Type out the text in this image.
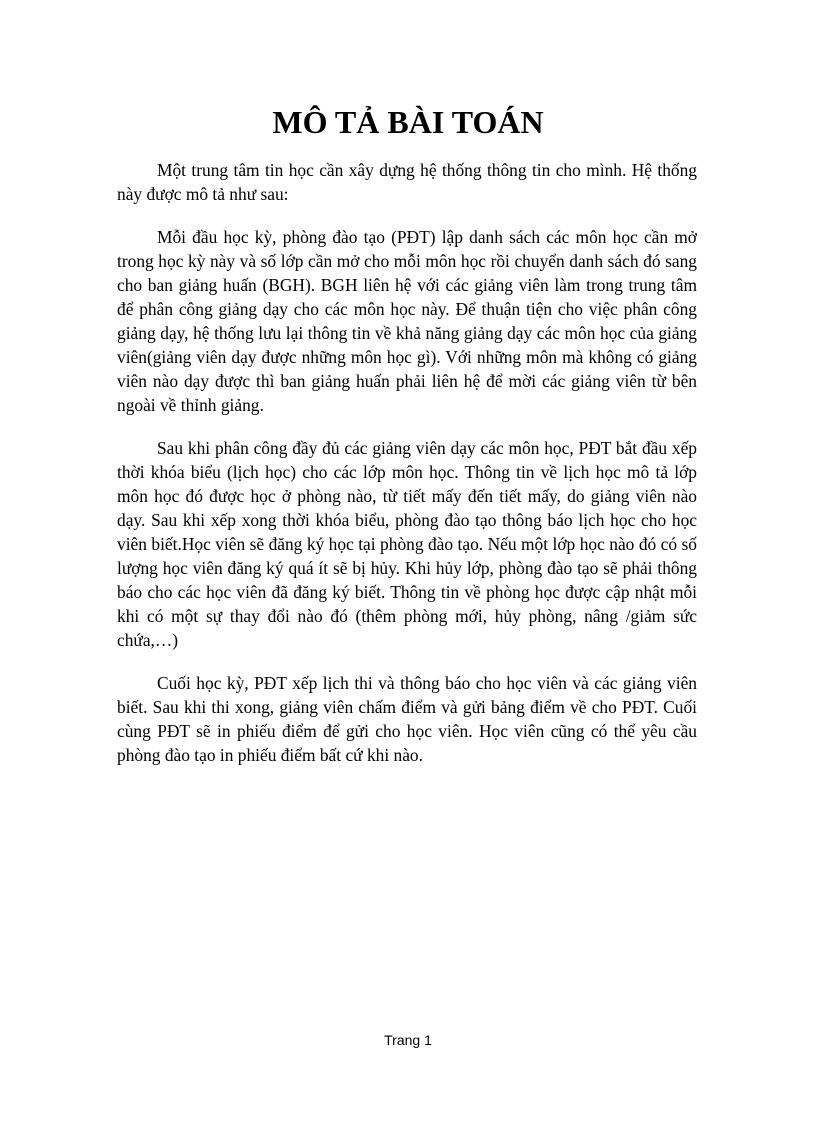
MÔ TẢ BÀI TOÁN

Một trung tâm tin học cần xây dựng hệ thống thông tin cho mình. Hệ thống này được mô tả như sau:

Mỗi đầu học kỳ, phòng đào tạo (PĐT) lập danh sách các môn học cần mở trong học kỳ này và số lớp cần mở cho mỗi môn học rồi chuyển danh sách đó sang cho ban giảng huấn (BGH). BGH liên hệ với các giảng viên làm trong trung tâm để phân công giảng dạy cho các môn học này. Để thuận tiện cho việc phân công giảng dạy, hệ thống lưu lại thông tin về khả năng giảng dạy các môn học của giảng viên(giảng viên dạy được những môn học gì). Với những môn mà không có giảng viên nào dạy được thì ban giảng huấn phải liên hệ để mời các giảng viên từ bên ngoài về thỉnh giảng.

Sau khi phân công đầy đủ các giảng viên dạy các môn học, PĐT bắt đầu xếp thời khóa biểu (lịch học) cho các lớp môn học. Thông tin về lịch học mô tả lớp môn học đó được học ở phòng nào, từ tiết mấy đến tiết mấy, do giảng viên nào dạy. Sau khi xếp xong thời khóa biểu, phòng đào tạo thông báo lịch học cho học viên biết.Học viên sẽ đăng ký học tại phòng đào tạo. Nếu một lớp học nào đó có số lượng học viên đăng ký quá ít sẽ bị hủy. Khi hủy lớp, phòng đào tạo sẽ phải thông báo cho các học viên đã đăng ký biết. Thông tin về phòng học được cập nhật mỗi khi có một sự thay đổi nào đó (thêm phòng mới, hủy phòng, nâng /giảm sức chứa,…)

Cuối học kỳ, PĐT xếp lịch thi và thông báo cho học viên và các giảng viên biết. Sau khi thi xong, giảng viên chấm điểm và gửi bảng điểm về cho PĐT. Cuối cùng PĐT sẽ in phiếu điểm để gửi cho học viên. Học viên cũng có thể yêu cầu phòng đào tạo in phiếu điểm bất cứ khi nào.

Trang 1
